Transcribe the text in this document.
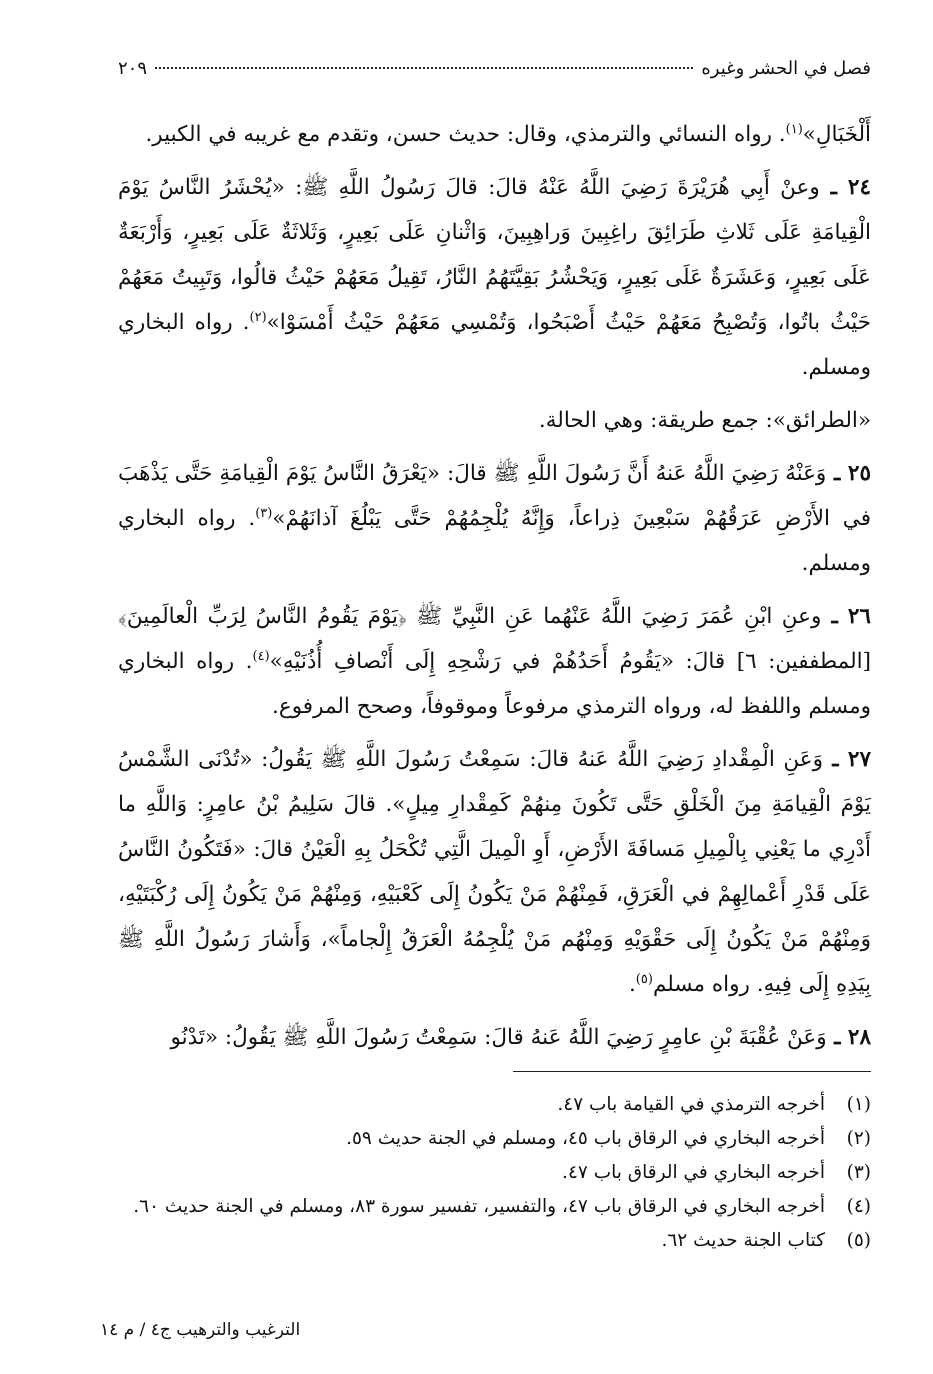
فصل في الحشر وغيره
٢٠٩

أَلْخَبَالِ»$^{(١)}$. رواه النسائي والترمذي، وقال: حديث حسن، وتقدم مع غريبه في الكبير.

٢٤ ـ وعنْ أَبِي هُرَيْرَةَ رَضِيَ اللَّهُ عَنْهُ قالَ: قالَ رَسُولُ اللَّهِ ﷺ: «يُحْشَرُ النَّاسُ يَوْمَ الْقِيامَةِ عَلَى ثَلاثِ طَرَائِقَ راغِبِينَ وَراهِبِينَ، وَاثْنانِ عَلَى بَعِيرٍ، وَثَلاثَةٌ عَلَى بَعِيرٍ، وَأَرْبَعَةٌ عَلَى بَعِيرٍ، وَعَشَرَةٌ عَلَى بَعِيرٍ، وَيَحْشُرُ بَقِيَّتَهُمُ النَّارُ، تَقِيلُ مَعَهُمْ حَيْثُ قالُوا، وَتَبِيتُ مَعَهُمْ حَيْثُ باتُوا، وَتُصْبِحُ مَعَهُمْ حَيْثُ أَصْبَحُوا، وَتُمْسِي مَعَهُمْ حَيْثُ أَمْسَوْا»$^{(٢)}$. رواه البخاري ومسلم.

«الطرائق»: جمع طريقة: وهي الحالة.

٢٥ ـ وَعَنْهُ رَضِيَ اللَّهُ عَنهُ أَنَّ رَسُولَ اللَّهِ ﷺ قالَ: «يَعْرَقُ النَّاسُ يَوْمَ الْقِيامَةِ حَتَّى يَذْهَبَ في الأَرْضِ عَرَقُهُمْ سَبْعِينَ ذِراعاً، وَإِنَّهُ يُلْجِمُهُمْ حَتَّى يَبْلُغَ آذانَهُمْ»$^{(٣)}$. رواه البخاري ومسلم.

٢٦ ـ وعنِ ابْنِ عُمَرَ رَضِيَ اللَّهُ عَنْهُما عَنِ النَّبِيِّ ﷺ ﴿يَوْمَ يَقُومُ النَّاسُ لِرَبِّ الْعالَمِينَ﴾ [المطففين: ٦] قالَ: «يَقُومُ أَحَدُهُمْ في رَشْحِهِ إِلَى أَنْصافِ أُذُنَيْهِ»$^{(٤)}$. رواه البخاري ومسلم واللفظ له، ورواه الترمذي مرفوعاً وموقوفاً، وصحح المرفوع.

٢٧ ـ وَعَنِ الْمِقْدادِ رَضِيَ اللَّهُ عَنهُ قالَ: سَمِعْتُ رَسُولَ اللَّهِ ﷺ يَقُولُ: «تُدْنَى الشَّمْسُ يَوْمَ الْقِيامَةِ مِنَ الْخَلْقِ حَتَّى تَكُونَ مِنهُمْ كَمِقْدارِ مِيلٍ». قالَ سَلِيمُ بْنُ عامِرٍ: وَاللَّهِ ما أَدْرِي ما يَعْنِي بِالْمِيلِ مَسافَةَ الأَرْضِ، أَوِ الْمِيلَ الَّتِي تُكْحَلُ بِهِ الْعَيْنُ قالَ: «فَتَكُونُ النَّاسُ عَلَى قَدْرِ أَعْمالِهِمْ في الْعَرَقِ، فَمِنْهُمْ مَنْ يَكُونُ إِلَى كَعْبَيْهِ، وَمِنْهُمْ مَنْ يَكُونُ إِلَى رُكْبَتَيْهِ، وَمِنْهُمْ مَنْ يَكُونُ إِلَى حَقْوَيْهِ وَمِنْهُم مَنْ يُلْجِمُهُ الْعَرَقُ إِلْجاماً»، وَأَشارَ رَسُولُ اللَّهِ ﷺ بِيَدِهِ إِلَى فِيهِ. رواه مسلم$^{(٥)}$.

٢٨ ـ وَعَنْ عُقْبَةَ بْنِ عامِرٍ رَضِيَ اللَّهُ عَنهُ قالَ: سَمِعْتُ رَسُولَ اللَّهِ ﷺ يَقُولُ: «تَدْنُو

(١)
أخرجه الترمذي في القيامة باب ٤٧.
(٢)
أخرجه البخاري في الرقاق باب ٤٥، ومسلم في الجنة حديث ٥٩.
(٣)
أخرجه البخاري في الرقاق باب ٤٧.
(٤)
أخرجه البخاري في الرقاق باب ٤٧، والتفسير، تفسير سورة ٨٣، ومسلم في الجنة حديث ٦٠.
(٥)
كتاب الجنة حديث ٦٢.
الترغيب والترهيب ج٤ / م ١٤
